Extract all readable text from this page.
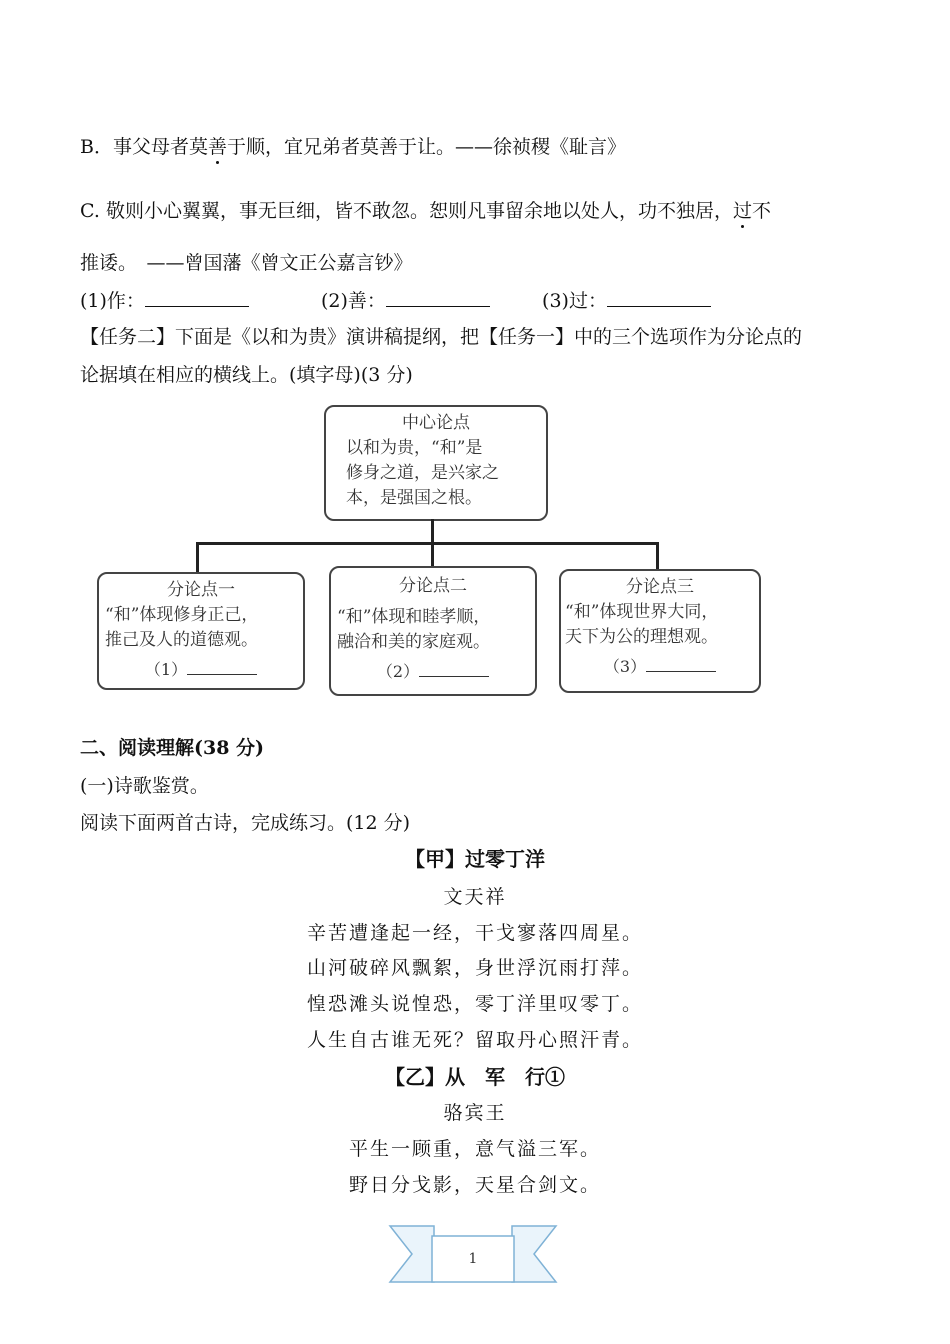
B．事父母者莫善于顺，宜兄弟者莫善于让。——徐祯稷《耻言》
C. 敬则小心翼翼，事无巨细，皆不敢忽。恕则凡事留余地以处人，功不独居，过不
推诿。　——曾国藩《曾文正公嘉言钞》
(1)作：	(2)善：	(3)过：
【任务二】下面是《以和为贵》演讲稿提纲，把【任务一】中的三个选项作为分论点的
论据填在相应的横线上。(填字母)(3 分)
中心论点
以和为贵，“和”是
修身之道，是兴家之
本，是强国之根。
分论点一
“和”体现修身正己，
推己及人的道德观。
（1）
分论点二
“和”体现和睦孝顺，
融洽和美的家庭观。
（2）
分论点三
“和”体现世界大同，
天下为公的理想观。
（3）
二、阅读理解(38 分)
(一)诗歌鉴赏。
阅读下面两首古诗，完成练习。(12 分)
【甲】过零丁洋
文天祥
辛苦遭逢起一经，干戈寥落四周星。
山河破碎风飘絮，身世浮沉雨打萍。
惶恐滩头说惶恐，零丁洋里叹零丁。
人生自古谁无死？留取丹心照汗青。
【乙】从　军　行①
骆宾王
平生一顾重，意气溢三军。
野日分戈影，天星合剑文。
1
